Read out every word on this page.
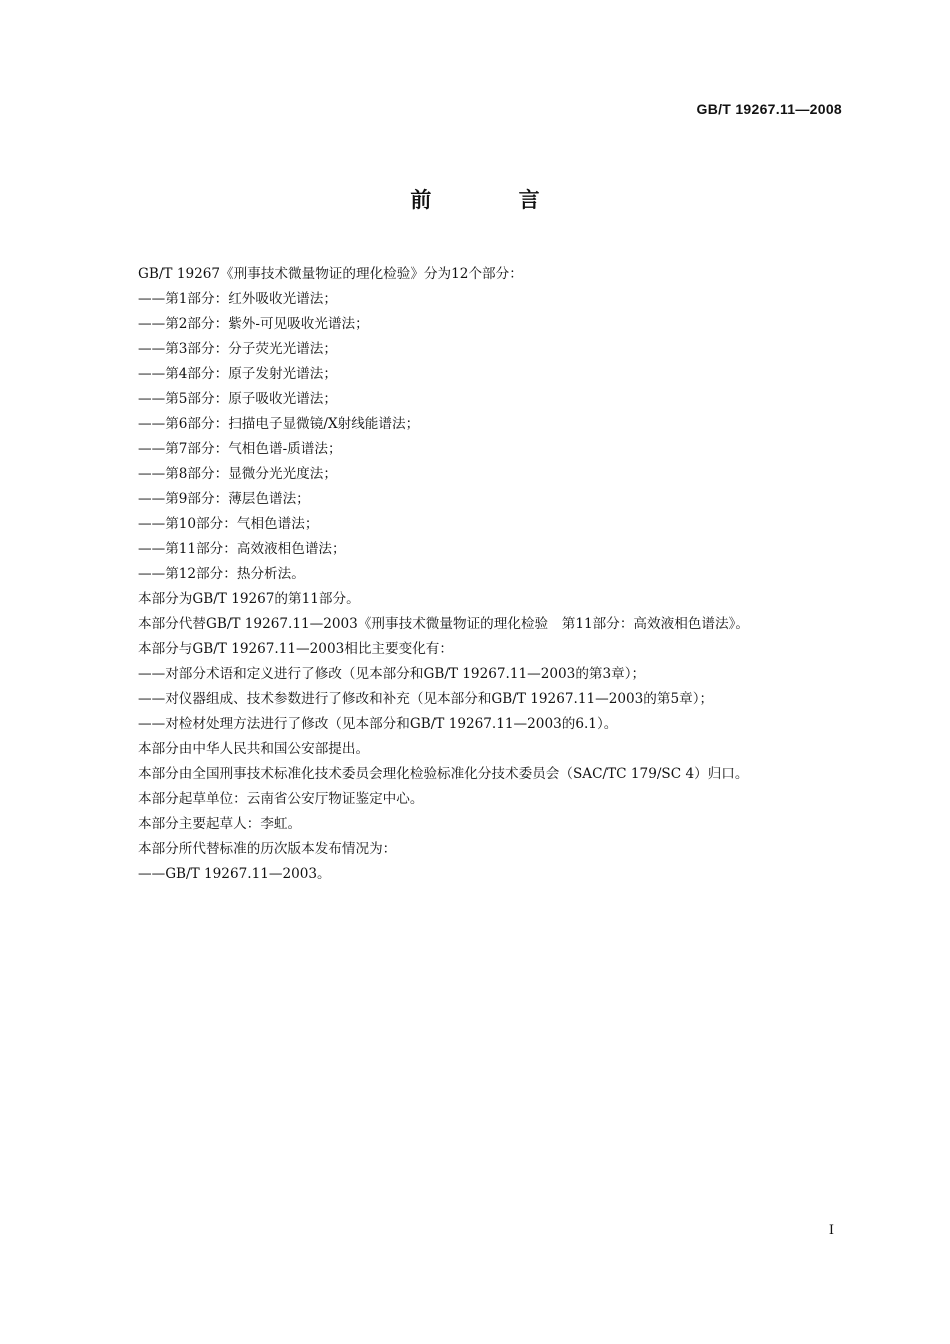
GB/T 19267.11—2008
前 言

GB/T 19267《刑事技术微量物证的理化检验》分为12个部分：

——第1部分：红外吸收光谱法；

——第2部分：紫外-可见吸收光谱法；

——第3部分：分子荧光光谱法；

——第4部分：原子发射光谱法；

——第5部分：原子吸收光谱法；

——第6部分：扫描电子显微镜/X射线能谱法；

——第7部分：气相色谱-质谱法；

——第8部分：显微分光光度法；

——第9部分：薄层色谱法；

——第10部分：气相色谱法；

——第11部分：高效液相色谱法；

——第12部分：热分析法。

本部分为GB/T 19267的第11部分。

本部分代替GB/T 19267.11—2003《刑事技术微量物证的理化检验　第11部分：高效液相色谱法》。

本部分与GB/T 19267.11—2003相比主要变化有：

——对部分术语和定义进行了修改（见本部分和GB/T 19267.11—2003的第3章）；

——对仪器组成、技术参数进行了修改和补充（见本部分和GB/T 19267.11—2003的第5章）；

——对检材处理方法进行了修改（见本部分和GB/T 19267.11—2003的6.1）。

本部分由中华人民共和国公安部提出。

本部分由全国刑事技术标准化技术委员会理化检验标准化分技术委员会（SAC/TC 179/SC 4）归口。

本部分起草单位：云南省公安厅物证鉴定中心。

本部分主要起草人：李虹。

本部分所代替标准的历次版本发布情况为：

——GB/T 19267.11—2003。

I
